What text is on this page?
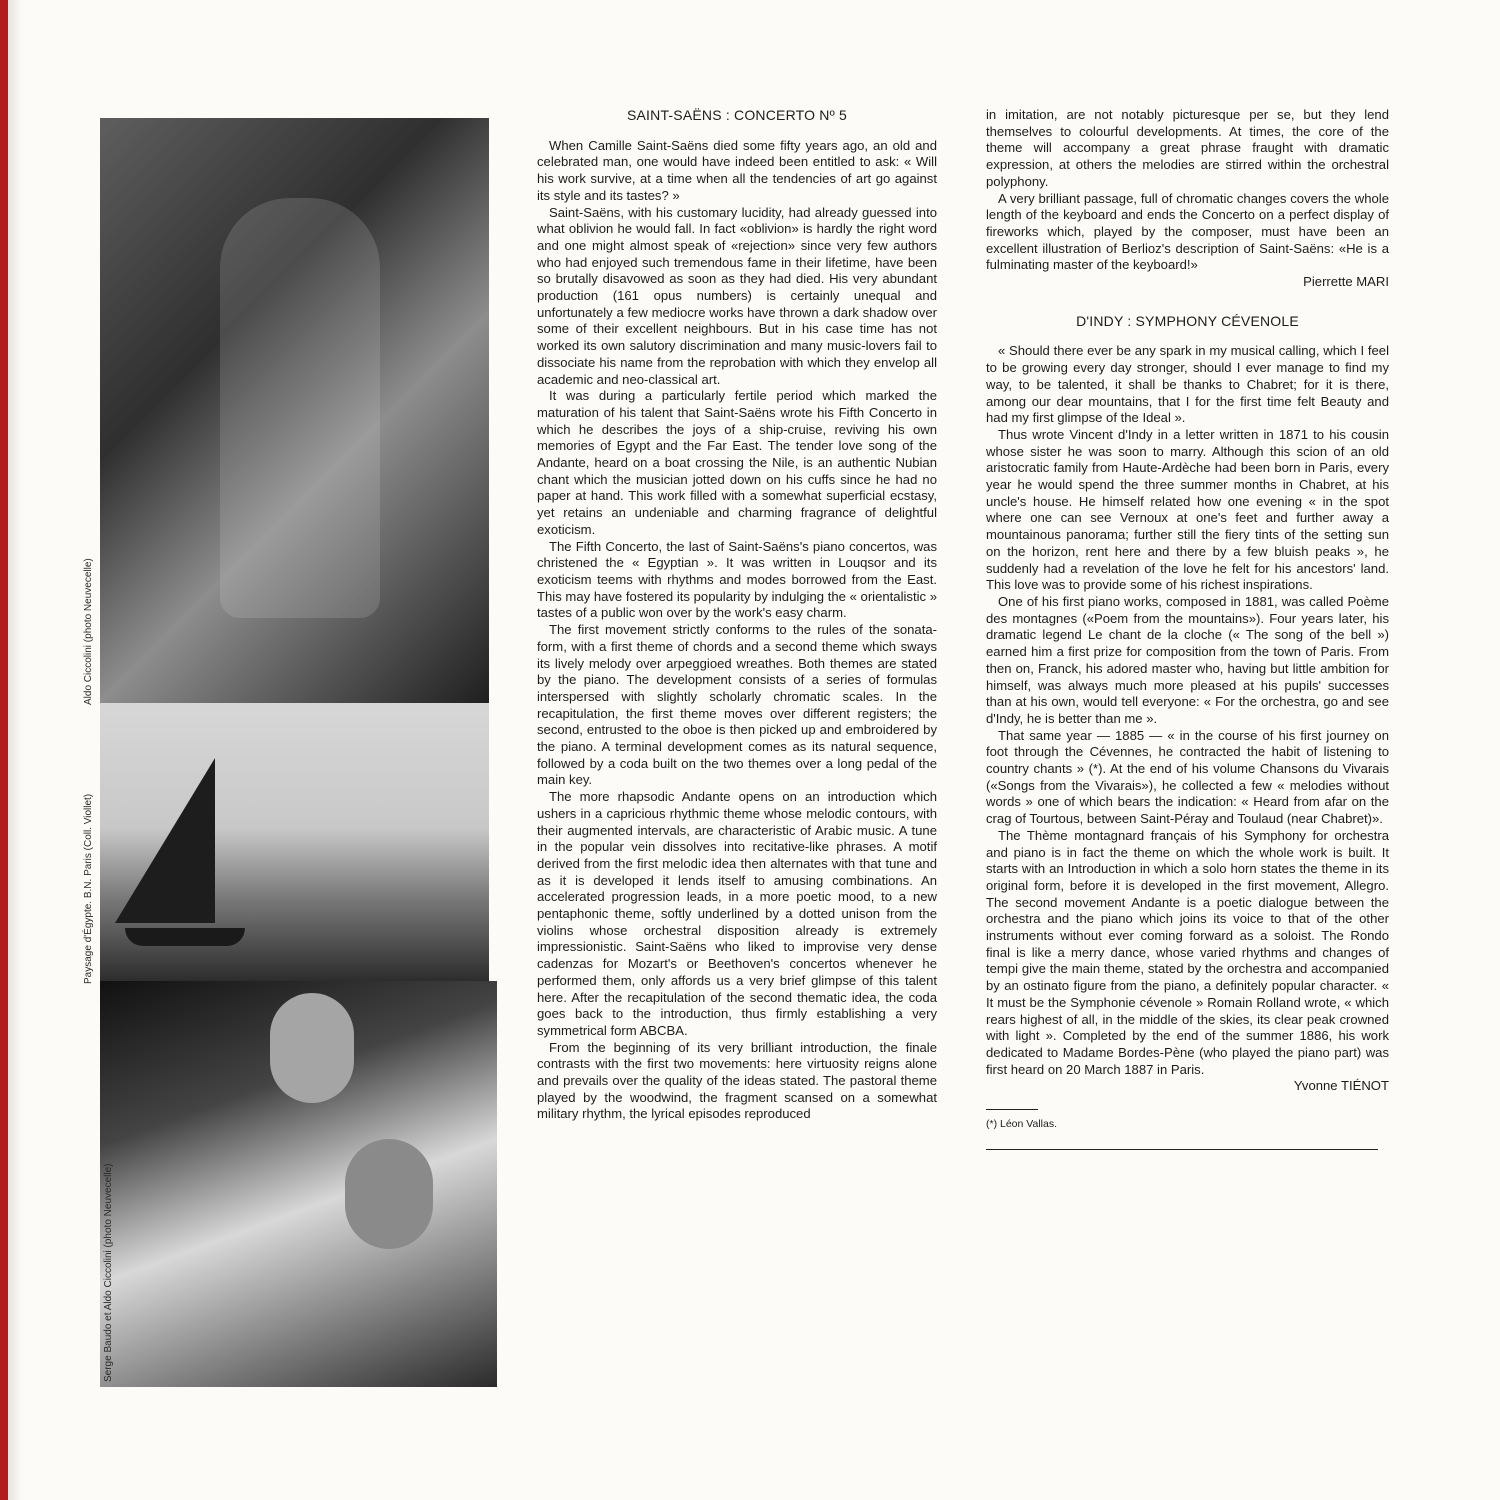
Aldo Ciccolini (photo Neuvecelle)
Paysage d'Égypte. B.N. Paris (Coll. Viollet)
Serge Baudo et Aldo Ciccolini (photo Neuvecelle)
SAINT-SAËNS : CONCERTO Nº 5

When Camille Saint-Saëns died some fifty years ago, an old and celebrated man, one would have indeed been entitled to ask: « Will his work survive, at a time when all the tendencies of art go against its style and its tastes? »

Saint-Saëns, with his customary lucidity, had already guessed into what oblivion he would fall. In fact «oblivion» is hardly the right word and one might almost speak of «rejection» since very few authors who had enjoyed such tremendous fame in their lifetime, have been so brutally disavowed as soon as they had died. His very abundant production (161 opus numbers) is certainly unequal and unfortunately a few mediocre works have thrown a dark shadow over some of their excellent neighbours. But in his case time has not worked its own salutory discrimination and many music-lovers fail to dissociate his name from the reprobation with which they envelop all academic and neo-classical art.

It was during a particularly fertile period which marked the maturation of his talent that Saint-Saëns wrote his Fifth Concerto in which he describes the joys of a ship-cruise, reviving his own memories of Egypt and the Far East. The tender love song of the Andante, heard on a boat crossing the Nile, is an authentic Nubian chant which the musician jotted down on his cuffs since he had no paper at hand. This work filled with a somewhat superficial ecstasy, yet retains an undeniable and charming fragrance of delightful exoticism.

The Fifth Concerto, the last of Saint-Saëns's piano concertos, was christened the « Egyptian ». It was written in Louqsor and its exoticism teems with rhythms and modes borrowed from the East. This may have fostered its popularity by indulging the « orientalistic » tastes of a public won over by the work's easy charm.

The first movement strictly conforms to the rules of the sonata-form, with a first theme of chords and a second theme which sways its lively melody over arpeggioed wreathes. Both themes are stated by the piano. The development consists of a series of formulas interspersed with slightly scholarly chromatic scales. In the recapitulation, the first theme moves over different registers; the second, entrusted to the oboe is then picked up and embroidered by the piano. A terminal development comes as its natural sequence, followed by a coda built on the two themes over a long pedal of the main key.

The more rhapsodic Andante opens on an introduction which ushers in a capricious rhythmic theme whose melodic contours, with their augmented intervals, are characteristic of Arabic music. A tune in the popular vein dissolves into recitative-like phrases. A motif derived from the first melodic idea then alternates with that tune and as it is developed it lends itself to amusing combinations. An accelerated progression leads, in a more poetic mood, to a new pentaphonic theme, softly underlined by a dotted unison from the violins whose orchestral disposition already is extremely impressionistic. Saint-Saëns who liked to improvise very dense cadenzas for Mozart's or Beethoven's concertos whenever he performed them, only affords us a very brief glimpse of this talent here. After the recapitulation of the second thematic idea, the coda goes back to the introduction, thus firmly establishing a very symmetrical form ABCBA.

From the beginning of its very brilliant introduction, the finale contrasts with the first two movements: here virtuosity reigns alone and prevails over the quality of the ideas stated. The pastoral theme played by the woodwind, the fragment scansed on a somewhat military rhythm, the lyrical episodes reproduced

in imitation, are not notably picturesque per se, but they lend themselves to colourful developments. At times, the core of the theme will accompany a great phrase fraught with dramatic expression, at others the melodies are stirred within the orchestral polyphony.

A very brilliant passage, full of chromatic changes covers the whole length of the keyboard and ends the Concerto on a perfect display of fireworks which, played by the composer, must have been an excellent illustration of Berlioz's description of Saint-Saëns: «He is a fulminating master of the keyboard!»

Pierrette MARI

D'INDY : SYMPHONY CÉVENOLE

« Should there ever be any spark in my musical calling, which I feel to be growing every day stronger, should I ever manage to find my way, to be talented, it shall be thanks to Chabret; for it is there, among our dear mountains, that I for the first time felt Beauty and had my first glimpse of the Ideal ».

Thus wrote Vincent d'Indy in a letter written in 1871 to his cousin whose sister he was soon to marry. Although this scion of an old aristocratic family from Haute-Ardèche had been born in Paris, every year he would spend the three summer months in Chabret, at his uncle's house. He himself related how one evening « in the spot where one can see Vernoux at one's feet and further away a mountainous panorama; further still the fiery tints of the setting sun on the horizon, rent here and there by a few bluish peaks », he suddenly had a revelation of the love he felt for his ancestors' land. This love was to provide some of his richest inspirations.

One of his first piano works, composed in 1881, was called Poème des montagnes («Poem from the mountains»). Four years later, his dramatic legend Le chant de la cloche (« The song of the bell ») earned him a first prize for composition from the town of Paris. From then on, Franck, his adored master who, having but little ambition for himself, was always much more pleased at his pupils' successes than at his own, would tell everyone: « For the orchestra, go and see d'Indy, he is better than me ».

That same year — 1885 — « in the course of his first journey on foot through the Cévennes, he contracted the habit of listening to country chants » (*). At the end of his volume Chansons du Vivarais («Songs from the Vivarais»), he collected a few « melodies without words » one of which bears the indication: « Heard from afar on the crag of Tourtous, between Saint-Péray and Toulaud (near Chabret)».

The Thème montagnard français of his Symphony for orchestra and piano is in fact the theme on which the whole work is built. It starts with an Introduction in which a solo horn states the theme in its original form, before it is developed in the first movement, Allegro. The second movement Andante is a poetic dialogue between the orchestra and the piano which joins its voice to that of the other instruments without ever coming forward as a soloist. The Rondo final is like a merry dance, whose varied rhythms and changes of tempi give the main theme, stated by the orchestra and accompanied by an ostinato figure from the piano, a definitely popular character. « It must be the Symphonie cévenole » Romain Rolland wrote, « which rears highest of all, in the middle of the skies, its clear peak crowned with light ». Completed by the end of the summer 1886, his work dedicated to Madame Bordes-Pène (who played the piano part) was first heard on 20 March 1887 in Paris.

Yvonne TIÉNOT

(*) Léon Vallas.
